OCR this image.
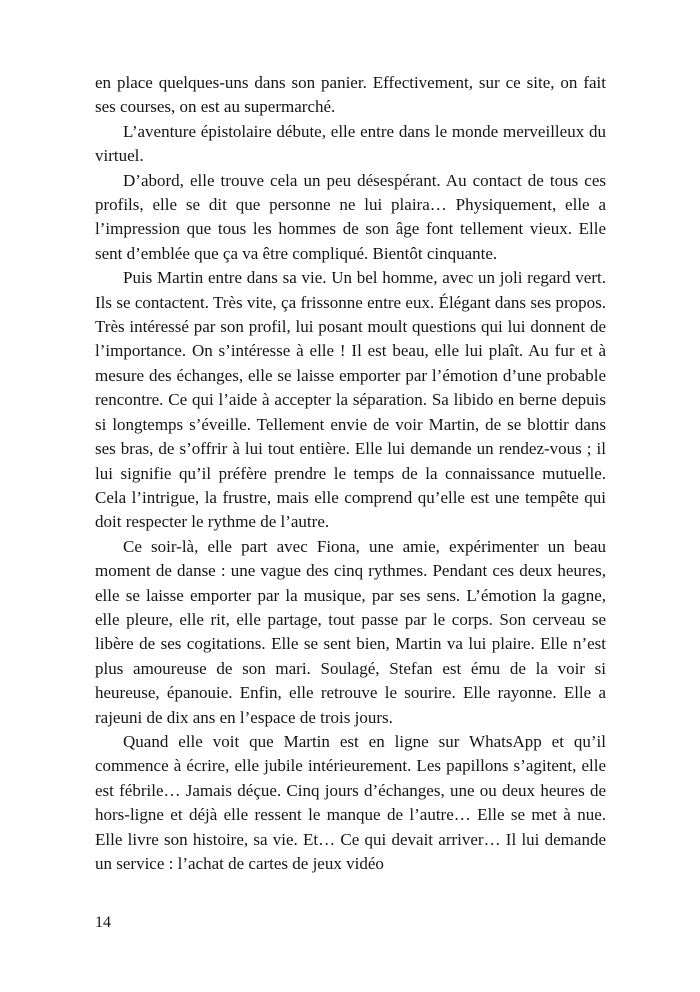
en place quelques-uns dans son panier. Effectivement, sur ce site, on fait ses courses, on est au supermarché.

L’aventure épistolaire débute, elle entre dans le monde merveilleux du virtuel.

D’abord, elle trouve cela un peu désespérant. Au contact de tous ces profils, elle se dit que personne ne lui plaira… Physiquement, elle a l’impression que tous les hommes de son âge font tellement vieux. Elle sent d’emblée que ça va être compliqué. Bientôt cinquante.

Puis Martin entre dans sa vie. Un bel homme, avec un joli regard vert. Ils se contactent. Très vite, ça frissonne entre eux. Élégant dans ses propos. Très intéressé par son profil, lui posant moult questions qui lui donnent de l’importance. On s’intéresse à elle ! Il est beau, elle lui plaît. Au fur et à mesure des échanges, elle se laisse emporter par l’émotion d’une probable rencontre. Ce qui l’aide à accepter la séparation. Sa libido en berne depuis si longtemps s’éveille. Tellement envie de voir Martin, de se blottir dans ses bras, de s’offrir à lui tout entière. Elle lui demande un rendez-vous ; il lui signifie qu’il préfère prendre le temps de la connaissance mutuelle. Cela l’intrigue, la frustre, mais elle comprend qu’elle est une tempête qui doit respecter le rythme de l’autre.

Ce soir-là, elle part avec Fiona, une amie, expérimenter un beau moment de danse : une vague des cinq rythmes. Pendant ces deux heures, elle se laisse emporter par la musique, par ses sens. L’émotion la gagne, elle pleure, elle rit, elle partage, tout passe par le corps. Son cerveau se libère de ses cogitations. Elle se sent bien, Martin va lui plaire. Elle n’est plus amoureuse de son mari. Soulagé, Stefan est ému de la voir si heureuse, épanouie. Enfin, elle retrouve le sourire. Elle rayonne. Elle a rajeuni de dix ans en l’espace de trois jours.

Quand elle voit que Martin est en ligne sur WhatsApp et qu’il commence à écrire, elle jubile intérieurement. Les papillons s’agitent, elle est fébrile… Jamais déçue. Cinq jours d’échanges, une ou deux heures de hors-ligne et déjà elle ressent le manque de l’autre… Elle se met à nue. Elle livre son histoire, sa vie. Et… Ce qui devait arriver… Il lui demande un service : l’achat de cartes de jeux vidéo

14
